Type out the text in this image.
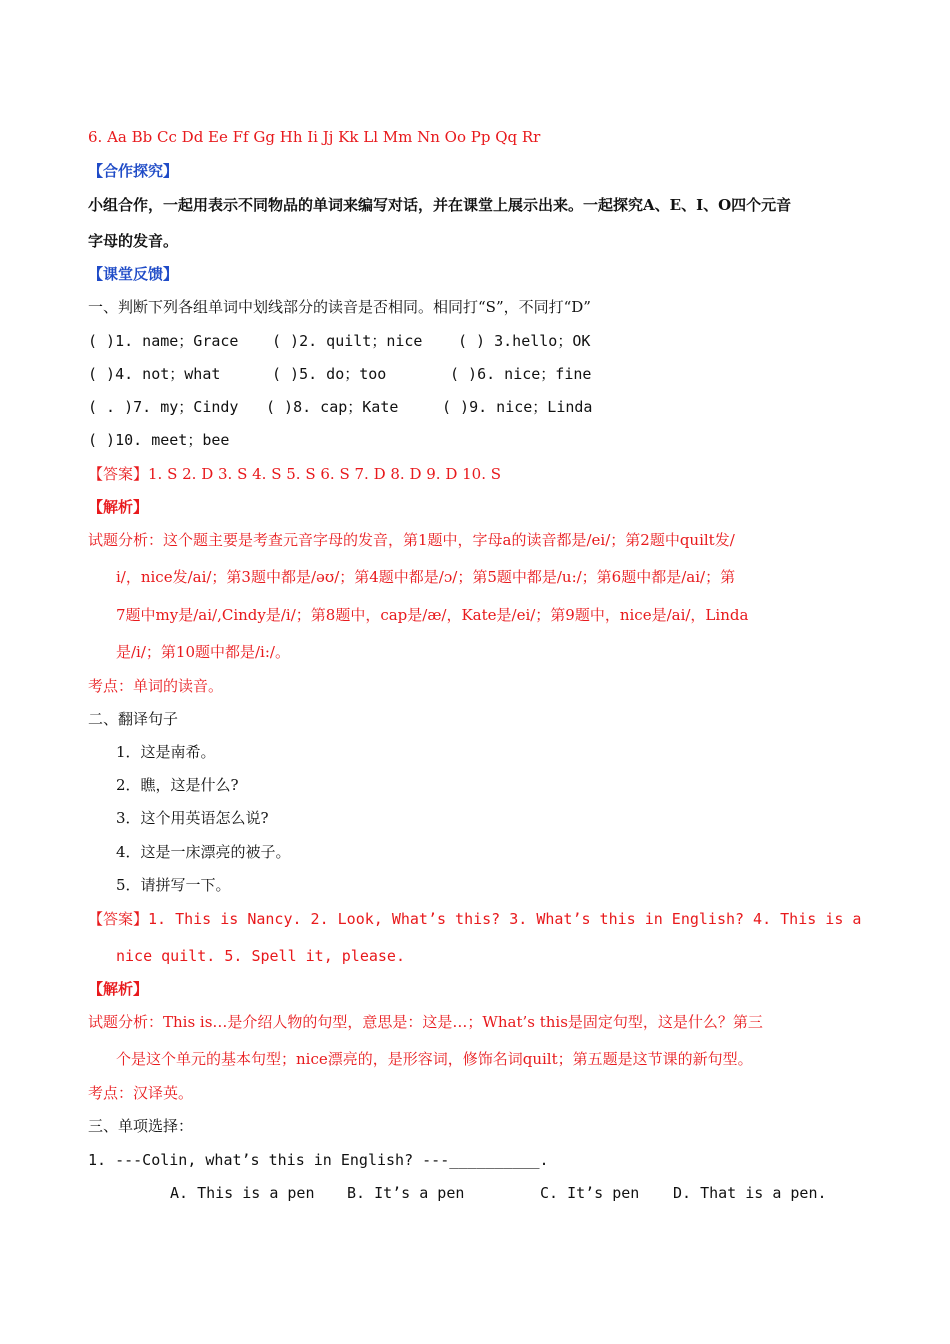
6. Aa Bb Cc Dd Ee Ff Gg Hh Ii Jj Kk Ll Mm Nn Oo Pp Qq Rr
【合作探究】
小组合作，一起用表示不同物品的单词来编写对话，并在课堂上展示出来。一起探究A、E、I、O四个元音
字母的发音。
【课堂反馈】
一、判断下列各组单词中划线部分的读音是否相同。相同打“S”，不同打“D”
( )1. name；Grace ( )2. quilt；nice ( ) 3.hello；OK
( )4. not；what	( )5. do；too	( )6. nice；fine
( . )7. my；Cindy ( )8. cap；Kate	( )9. nice；Linda
( )10. meet；bee
【答案】1. S 2. D 3. S 4. S 5. S 6. S 7. D 8. D 9. D 10. S
【解析】
试题分析：这个题主要是考查元音字母的发音，第1题中，字母a的读音都是/ei/；第2题中quilt发/
i/，nice发/ai/；第3题中都是/əʊ/；第4题中都是/ɔ/；第5题中都是/u:/；第6题中都是/ai/；第
7题中my是/ai/,Cindy是/i/；第8题中，cap是/æ/，Kate是/ei/；第9题中，nice是/ai/，Linda
是/i/；第10题中都是/i:/。
考点：单词的读音。
二、翻译句子
1．这是南希。
2．瞧，这是什么?
3．这个用英语怎么说?
4．这是一床漂亮的被子。
5．请拼写一下。
【答案】1. This is Nancy. 2. Look, What’s this? 3. What’s this in English? 4. This is a
nice quilt. 5. Spell it, please.
【解析】
试题分析：This is…是介绍人物的句型，意思是：这是…；What’s this是固定句型，这是什么？第三
个是这个单元的基本句型；nice漂亮的，是形容词，修饰名词quilt；第五题是这节课的新句型。
考点：汉译英。
三、单项选择：
1. ---Colin, what’s this in English? ---__________.
A. This is a pen B. It’s a pen	C. It’s pen D. That is a pen.
